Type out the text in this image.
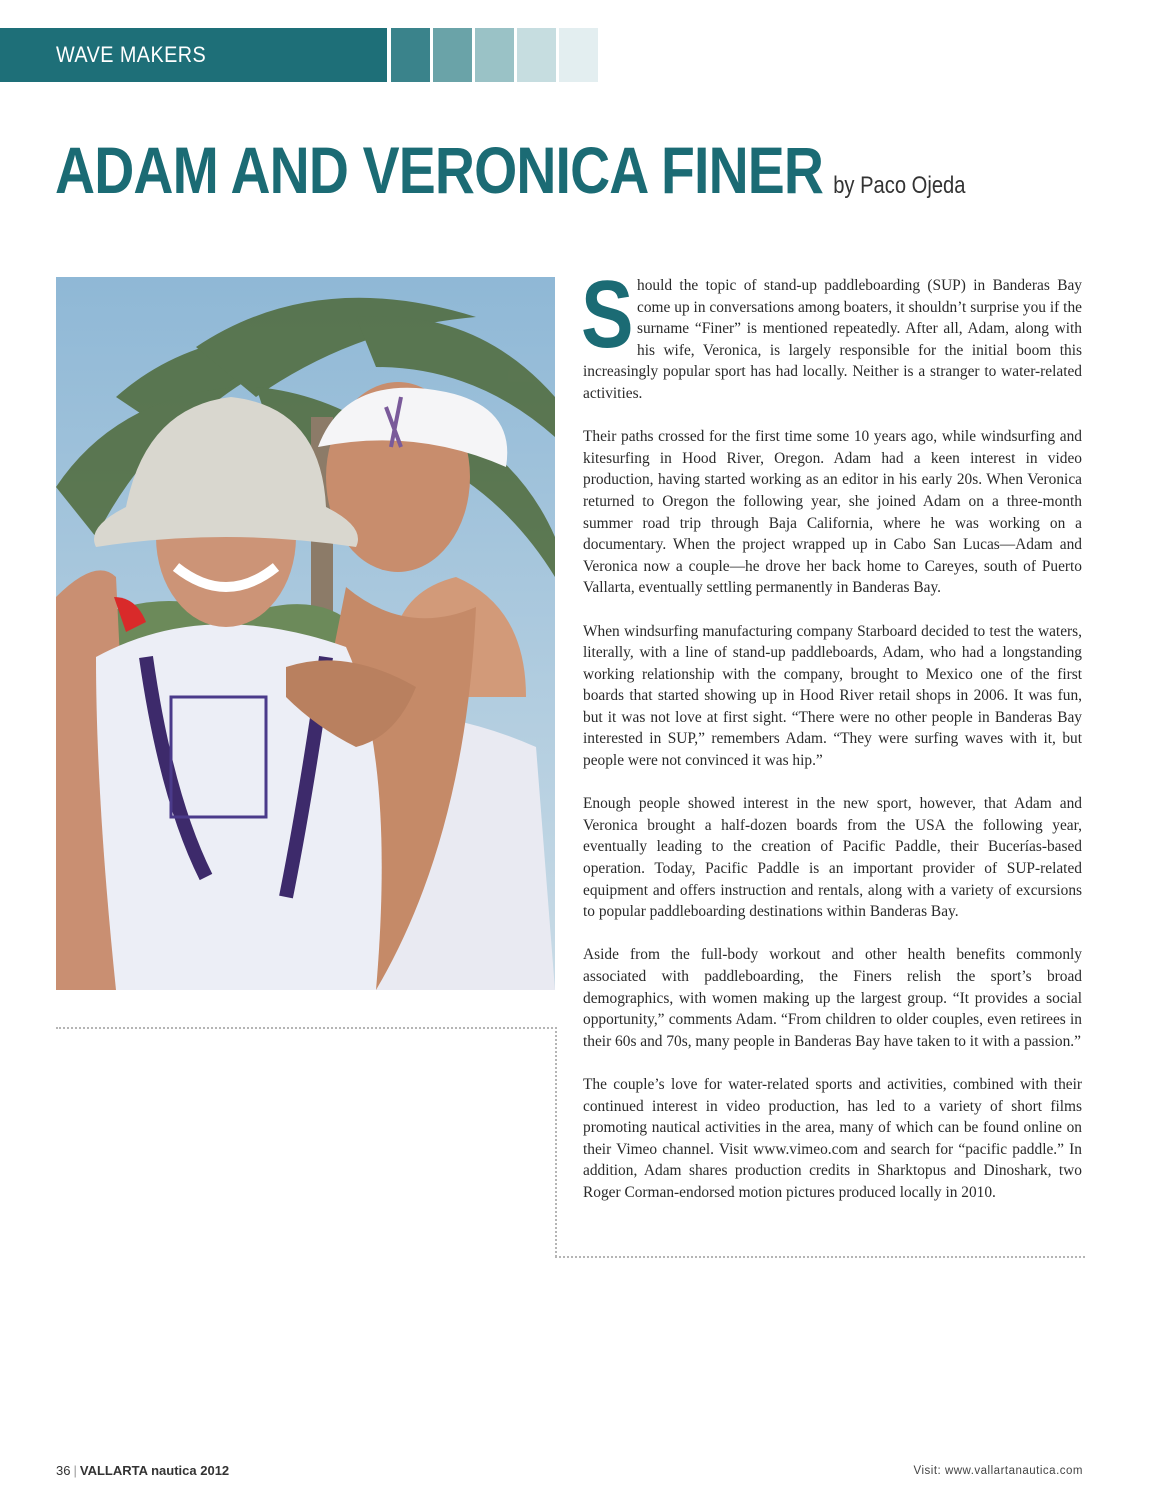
WAVE MAKERS
ADAM AND VERONICA FINER by Paco Ojeda

Should the topic of stand-up paddleboarding (SUP) in Banderas Bay come up in conversations among boaters, it shouldn’t surprise you if the surname “Finer” is mentioned repeatedly. After all, Adam, along with his wife, Veronica, is largely responsible for the initial boom this increasingly popular sport has had locally. Neither is a stranger to water-related activities.

Their paths crossed for the first time some 10 years ago, while windsurfing and kitesurfing in Hood River, Oregon. Adam had a keen interest in video production, having started working as an editor in his early 20s. When Veronica returned to Oregon the following year, she joined Adam on a three-month summer road trip through Baja California, where he was working on a documentary. When the project wrapped up in Cabo San Lucas—Adam and Veronica now a couple—he drove her back home to Careyes, south of Puerto Vallarta, eventually settling permanently in Banderas Bay.

When windsurfing manufacturing company Starboard decided to test the waters, literally, with a line of stand-up paddleboards, Adam, who had a longstanding working relationship with the company, brought to Mexico one of the first boards that started showing up in Hood River retail shops in 2006. It was fun, but it was not love at first sight. “There were no other people in Banderas Bay interested in SUP,” remembers Adam. “They were surfing waves with it, but people were not convinced it was hip.”

Enough people showed interest in the new sport, however, that Adam and Veronica brought a half-dozen boards from the USA the following year, eventually leading to the creation of Pacific Paddle, their Bucerías-based operation. Today, Pacific Paddle is an important provider of SUP-related equipment and offers instruction and rentals, along with a variety of excursions to popular paddleboarding destinations within Banderas Bay.

Aside from the full-body workout and other health benefits commonly associated with paddleboarding, the Finers relish the sport’s broad demographics, with women making up the largest group. “It provides a social opportunity,” comments Adam. “From children to older couples, even retirees in their 60s and 70s, many people in Banderas Bay have taken to it with a passion.”

The couple’s love for water-related sports and activities, combined with their continued interest in video production, has led to a variety of short films promoting nautical activities in the area, many of which can be found online on their Vimeo channel. Visit www.vimeo.com and search for “pacific paddle.” In addition, Adam shares production credits in Sharktopus and Dinoshark, two Roger Corman-endorsed motion pictures produced locally in 2010.

36 | VALLARTA nautica 2012	Visit: www.vallartanautica.com
